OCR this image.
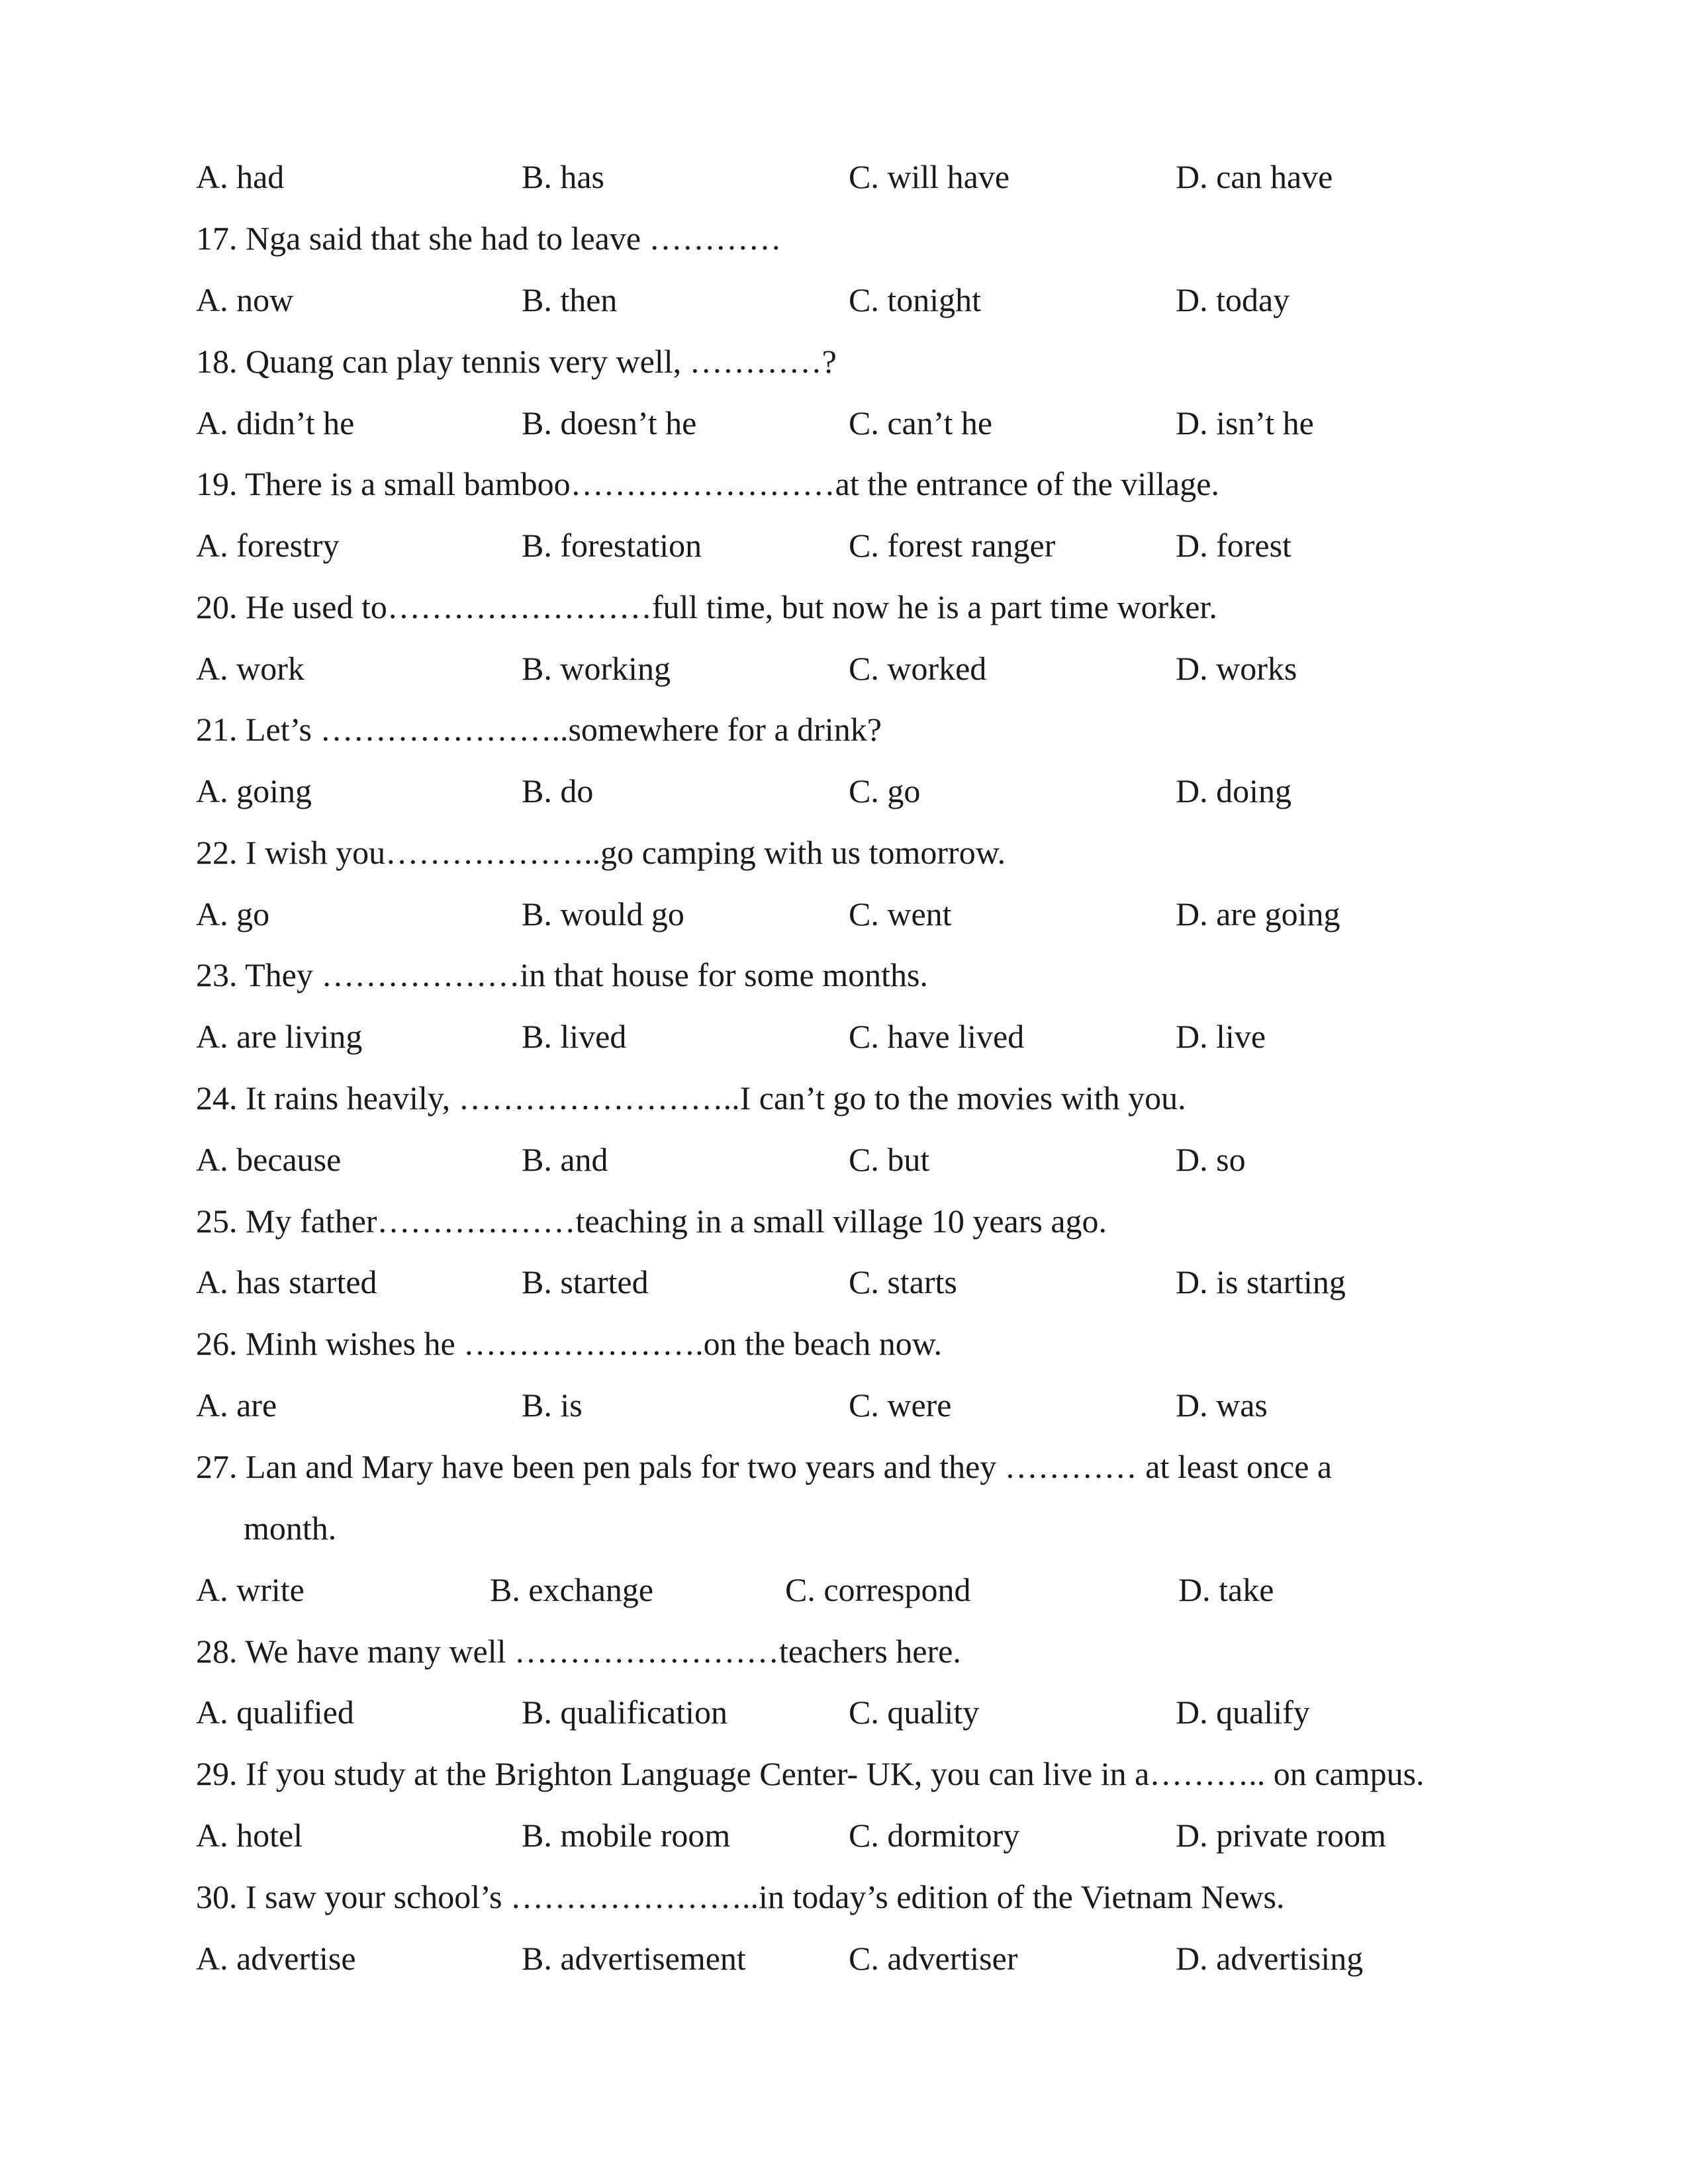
A. had	B. has	C. will have	D. can have
17. Nga said that she had to leave …………
A. now	B. then	C. tonight	D. today
18. Quang can play tennis very well, …………?
A. didn’t he	B. doesn’t he	C. can’t he	D. isn’t he
19. There is a small bamboo……………………at the entrance of the village.
A. forestry	B. forestation	C. forest ranger	D. forest
20. He used to……………………full time, but now he is a part time worker.
A. work	B. working	C. worked	D. works
21. Let’s …………………..somewhere for a drink?
A. going	B. do	C. go	D. doing
22. I wish you………………..go camping with us tomorrow.
A. go	B. would go	C. went	D. are going
23. They ………………in that house for some months.
A. are living	B. lived	C. have lived	D. live
24. It rains heavily, ……………………..I can’t go to the movies with you.
A. because	B. and	C. but	D. so
25. My father………………teaching in a small village 10 years ago.
A. has started	B. started	C. starts	D. is starting
26. Minh wishes he ………………….on the beach now.
A. are	B. is	C. were	D. was
27. Lan and Mary have been pen pals for two years and they ………… at least once a
month.
A. write	B. exchange	C. correspond	D. take
28. We have many well ……………………teachers here.
A. qualified	B. qualification	C. quality	D. qualify
29. If you study at the Brighton Language Center- UK, you can live in a……….. on campus.
A. hotel	B. mobile room	C. dormitory	D. private room
30. I saw your school’s …………………..in today’s edition of the Vietnam News.
A. advertise	B. advertisement	C. advertiser	D. advertising
